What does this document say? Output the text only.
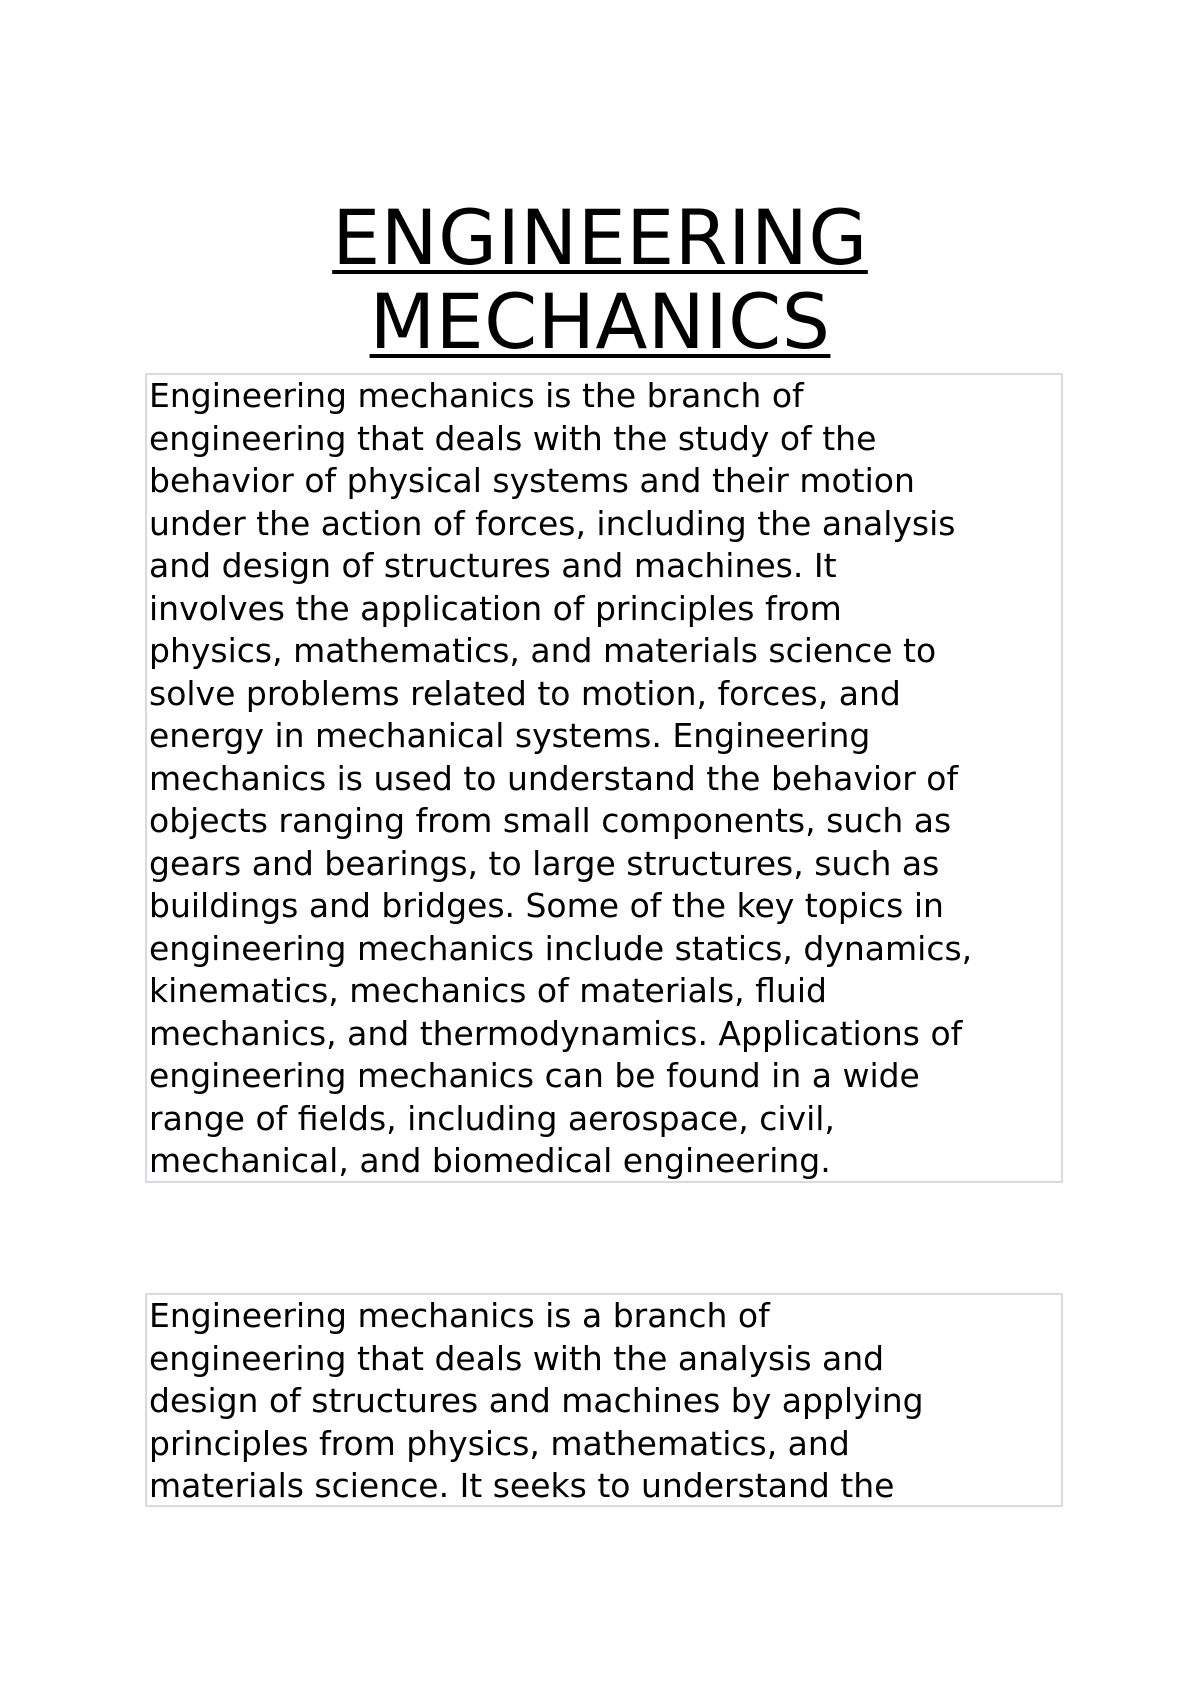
ENGINEERING
MECHANICS
Engineering mechanics is the branch of
engineering that deals with the study of the
behavior of physical systems and their motion
under the action of forces, including the analysis
and design of structures and machines. It
involves the application of principles from
physics, mathematics, and materials science to
solve problems related to motion, forces, and
energy in mechanical systems. Engineering
mechanics is used to understand the behavior of
objects ranging from small components, such as
gears and bearings, to large structures, such as
buildings and bridges. Some of the key topics in
engineering mechanics include statics, dynamics,
kinematics, mechanics of materials, fluid
mechanics, and thermodynamics. Applications of
engineering mechanics can be found in a wide
range of fields, including aerospace, civil,
mechanical, and biomedical engineering.
Engineering mechanics is a branch of
engineering that deals with the analysis and
design of structures and machines by applying
principles from physics, mathematics, and
materials science. It seeks to understand the
